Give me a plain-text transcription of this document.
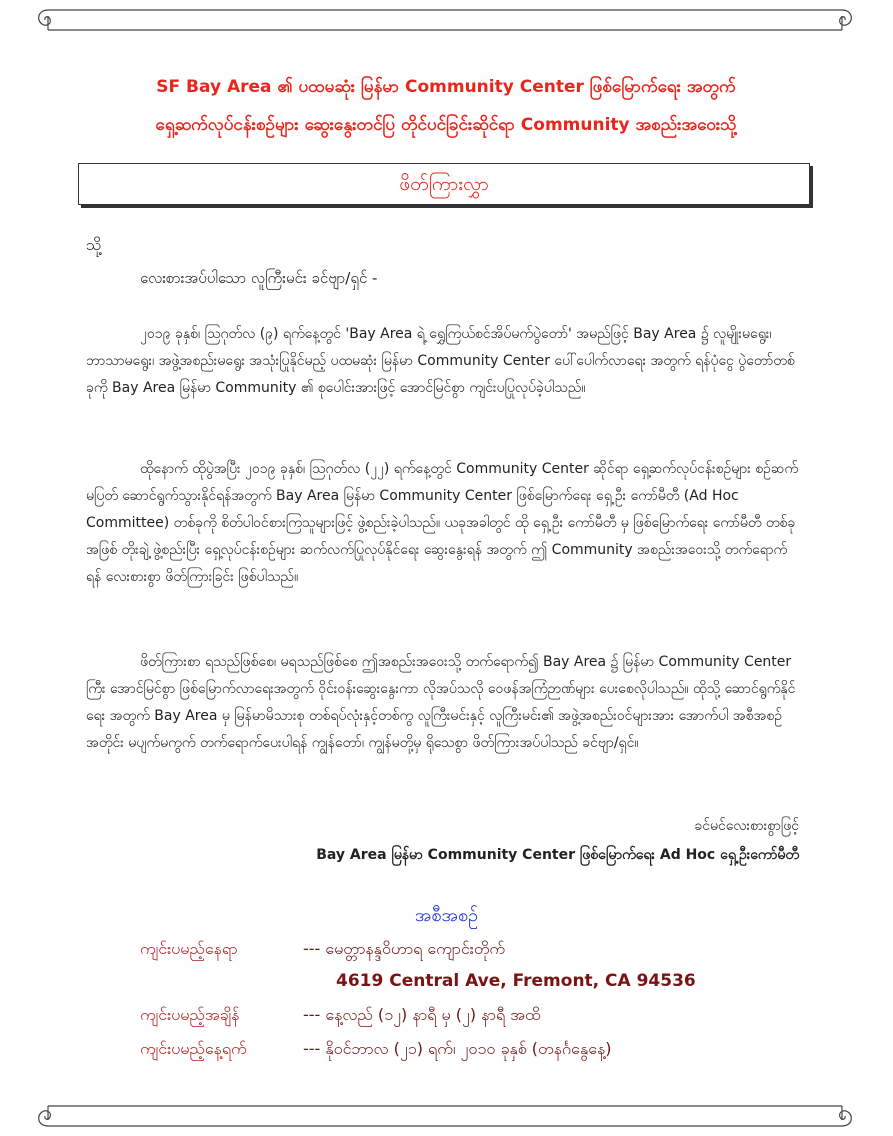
SF Bay Area ၏ ပထမဆုံး မြန်မာ Community Center ဖြစ်မြောက်ရေး အတွက်
ရှေ့ဆက်လုပ်ငန်းစဉ်များ ဆွေးနွေးတင်ပြ တိုင်ပင်ခြင်းဆိုင်ရာ Community အစည်းအဝေးသို့
ဖိတ်ကြားလွှာ
သို့
လေးစားအပ်ပါသော လူကြီးမင်း ခင်ဗျာ/ရှင် -

၂၀၁၉ ခုနှစ်၊ ဩဂုတ်လ (၉) ရက်နေ့တွင် 'Bay Area ရဲ့ ရွှေကြယ်စင်အိပ်မက်ပွဲတော်' အမည်ဖြင့် Bay Area ၌ လူမျိုးမရွေး၊ ဘာသာမရွေး၊ အဖွဲ့အစည်းမရွေး အသုံးပြုနိုင်မည့် ပထမဆုံး မြန်မာ Community Center ပေါ်ပေါက်လာရေး အတွက် ရန်ပုံငွေ ပွဲတော်တစ်ခုကို Bay Area မြန်မာ Community ၏ စုပေါင်းအားဖြင့် အောင်မြင်စွာ ကျင်းပပြုလုပ်ခဲ့ပါသည်။

ထိုနောက် ထိုပွဲအပြီး ၂၀၁၉ ခုနှစ်၊ ဩဂုတ်လ (၂၂) ရက်နေ့တွင် Community Center ဆိုင်ရာ ရှေ့ဆက်လုပ်ငန်းစဉ်များ စဉ်ဆက်မပြတ် ဆောင်ရွက်သွားနိုင်ရန်အတွက် Bay Area မြန်မာ Community Center ဖြစ်မြောက်ရေး ရှေ့ဦး ကော်မီတီ (Ad Hoc Committee) တစ်ခုကို စိတ်ပါဝင်စားကြသူများဖြင့် ဖွဲ့စည်းခဲ့ပါသည်။ ယခုအခါတွင် ထို ရှေ့ဦး ကော်မီတီ မှ ဖြစ်မြောက်ရေး ကော်မီတီ တစ်ခုအဖြစ် တိုးချဲ့ ဖွဲ့စည်းပြီး ရှေ့လုပ်ငန်းစဉ်များ ဆက်လက်ပြုလုပ်နိုင်ရေး ဆွေးနွေးရန် အတွက် ဤ Community အစည်းအဝေးသို့ တက်ရောက်ရန် လေးစားစွာ ဖိတ်ကြားခြင်း ဖြစ်ပါသည်။

ဖိတ်ကြားစာ ရသည်ဖြစ်စေ၊ မရသည်ဖြစ်စေ ဤအစည်းအဝေးသို့ တက်ရောက်၍ Bay Area ၌ မြန်မာ Community Center ကြီး အောင်မြင်စွာ ဖြစ်မြောက်လာရေးအတွက် ဝိုင်းဝန်းဆွေးနွေးကာ လိုအပ်သလို ဝေဖန်အကြံဉာဏ်များ ပေးစေလိုပါသည်။ ထိုသို့ ဆောင်ရွက်နိုင်ရေး အတွက် Bay Area မှ မြန်မာမိသားစု တစ်ရပ်လုံးနှင့်တစ်ကွ လူကြီးမင်းနှင့် လူကြီးမင်း၏ အဖွဲ့အစည်းဝင်များအား အောက်ပါ အစီအစဉ်အတိုင်း မပျက်မကွက် တက်ရောက်ပေးပါရန် ကျွန်တော်၊ ကျွန်မတို့မှ ရိုသေစွာ ဖိတ်ကြားအပ်ပါသည် ခင်ဗျာ/ရှင်။

ခင်မင်လေးစားစွာဖြင့်
Bay Area မြန်မာ Community Center ဖြစ်မြောက်ရေး Ad Hoc ရှေ့ဦးကော်မီတီ
အစီအစဉ်
ကျင်းပမည့်နေရာ	--- မေတ္တာနန္ဒဝိဟာရ ကျောင်းတိုက်
4619 Central Ave, Fremont, CA 94536
ကျင်းပမည့်အချိန်	--- နေ့လည် (၁၂) နာရီ မှ (၂) နာရီ အထိ
ကျင်းပမည့်နေ့ရက်	--- နိုဝင်ဘာလ (၂၁) ရက်၊ ၂၀၁၀ ခုနှစ် (တနင်္ဂနွေနေ့)
